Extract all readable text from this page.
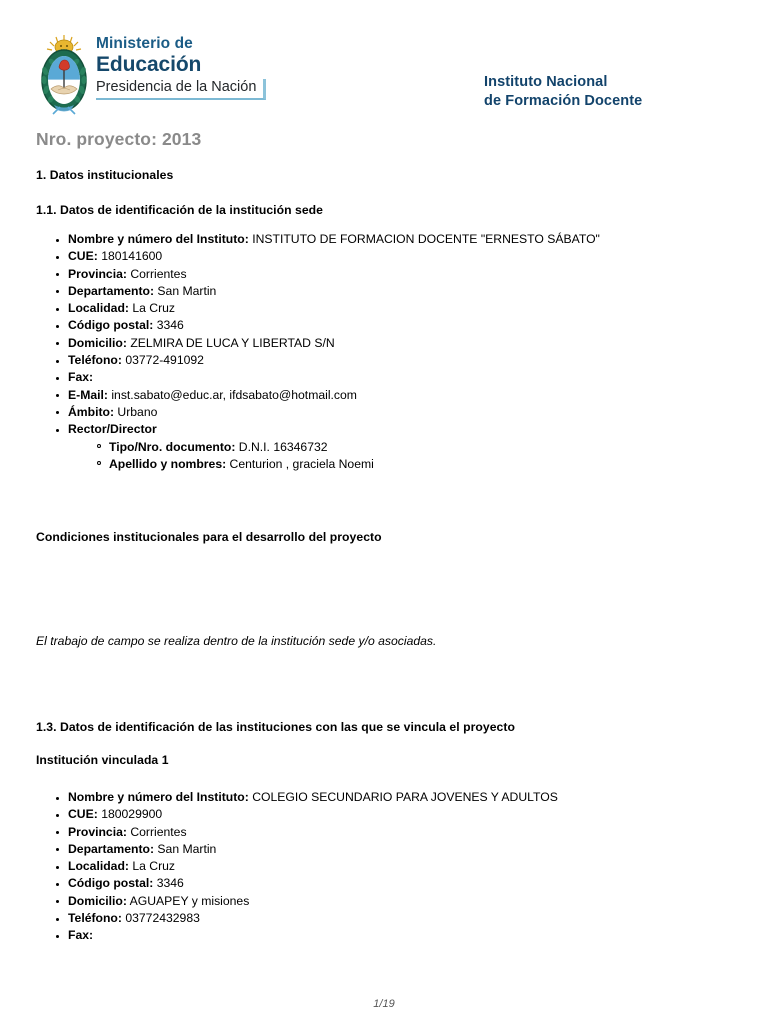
Ministerio de
Educación
Presidencia de la Nación	Instituto Nacional
de Formación Docente
Nro. proyecto: 2013
1. Datos institucionales
1.1. Datos de identificación de la institución sede
Nombre y número del Instituto: INSTITUTO DE FORMACION DOCENTE "ERNESTO SÁBATO"
CUE: 180141600
Provincia: Corrientes
Departamento: San Martin
Localidad: La Cruz
Código postal: 3346
Domicilio: ZELMIRA DE LUCA Y LIBERTAD S/N
Teléfono: 03772-491092
Fax:
E-Mail: inst.sabato@educ.ar, ifdsabato@hotmail.com
Ámbito: Urbano
Rector/Director
Tipo/Nro. documento: D.N.I. 16346732
Apellido y nombres: Centurion , graciela Noemi
Condiciones institucionales para el desarrollo del proyecto
El trabajo de campo se realiza dentro de la institución sede y/o asociadas.
1.3. Datos de identificación de las instituciones con las que se vincula el proyecto
Institución vinculada 1
Nombre y número del Instituto: COLEGIO SECUNDARIO PARA JOVENES Y ADULTOS
CUE: 180029900
Provincia: Corrientes
Departamento: San Martin
Localidad: La Cruz
Código postal: 3346
Domicilio: AGUAPEY y misiones
Teléfono: 03772432983
Fax:
1/19
